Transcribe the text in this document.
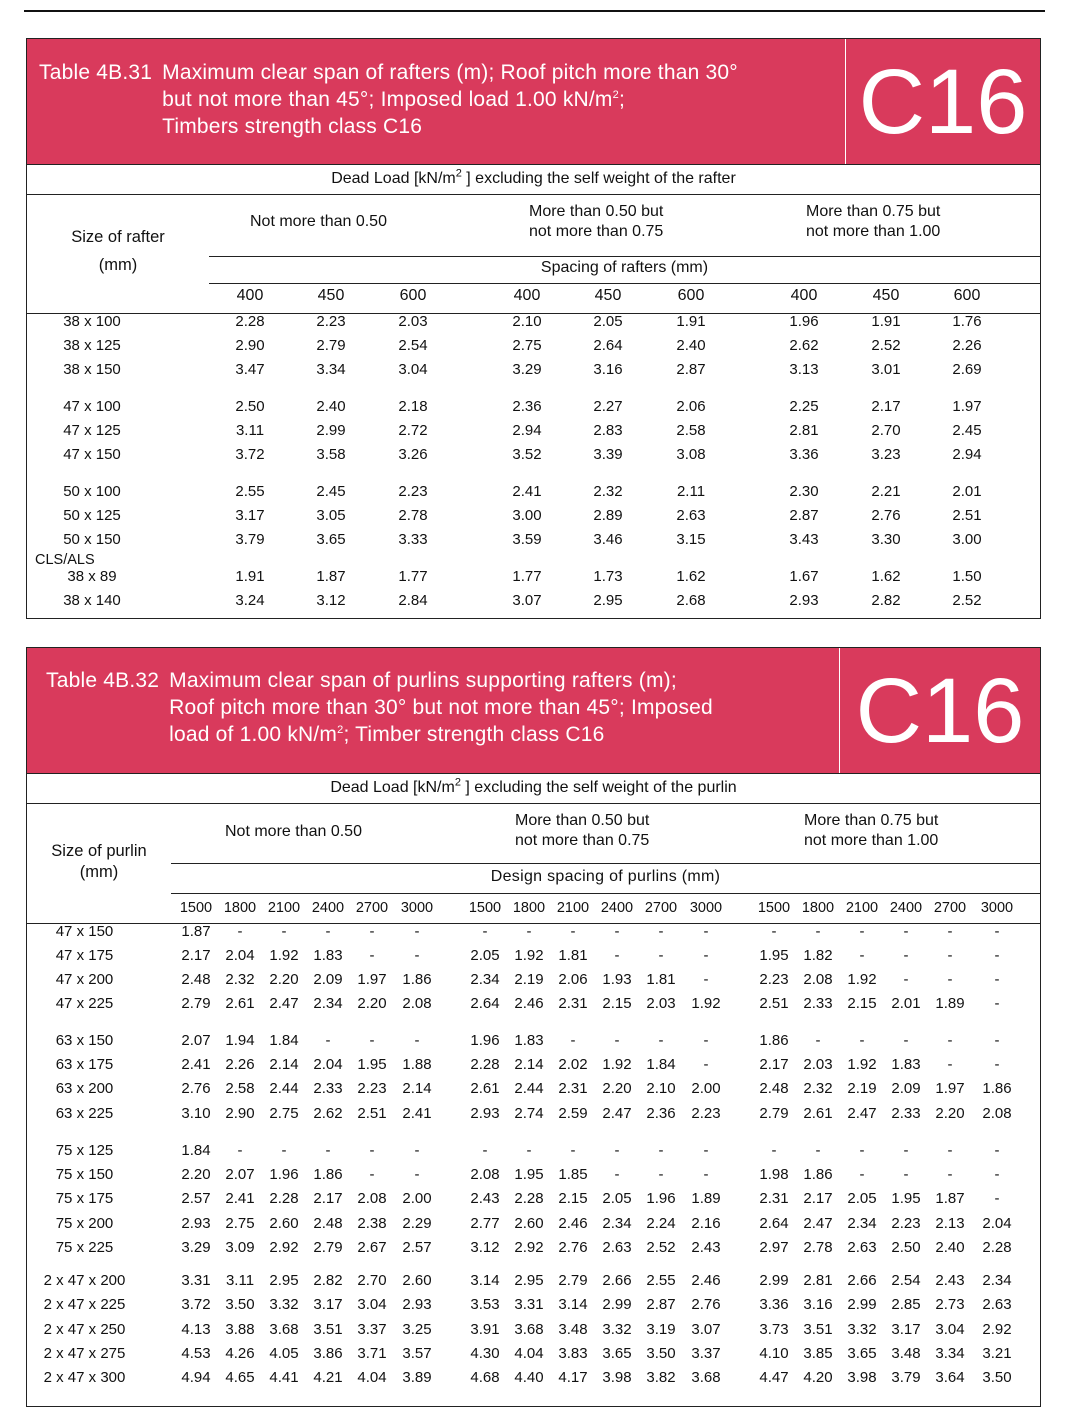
Table 4B.31 Maximum clear span of rafters (m); Roof pitch more than 30°
but not more than 45°; Imposed load 1.00 $kN/m^2$;
Timbers strength class C16	C16
Dead Load [$kN/m^2$ ] excluding the self weight of the rafter
Size of rafter
(mm)
Not more than 0.50
More than 0.50 but
not more than 0.75
More than 0.75 but
not more than 1.00
Spacing of rafters (mm)
400	450	600	400	450	600	400	450	600
38 x 100	2.28	2.23	2.03	2.10	2.05	1.91	1.96	1.91	1.76
38 x 125	2.90	2.79	2.54	2.75	2.64	2.40	2.62	2.52	2.26
38 x 150	3.47	3.34	3.04	3.29	3.16	2.87	3.13	3.01	2.69
47 x 100	2.50	2.40	2.18	2.36	2.27	2.06	2.25	2.17	1.97
47 x 125	3.11	2.99	2.72	2.94	2.83	2.58	2.81	2.70	2.45
47 x 150	3.72	3.58	3.26	3.52	3.39	3.08	3.36	3.23	2.94
50 x 100	2.55	2.45	2.23	2.41	2.32	2.11	2.30	2.21	2.01
50 x 125	3.17	3.05	2.78	3.00	2.89	2.63	2.87	2.76	2.51
50 x 150	3.79	3.65	3.33	3.59	3.46	3.15	3.43	3.30	3.00
38 x 89	1.91	1.87	1.77	1.77	1.73	1.62	1.67	1.62	1.50
38 x 140	3.24	3.12	2.84	3.07	2.95	2.68	2.93	2.82	2.52
CLS/ALS
Table 4B.32 Maximum clear span of purlins supporting rafters (m);
Roof pitch more than 30° but not more than 45°; Imposed
load of 1.00 $kN/m^2$; Timber strength class C16	C16
Dead Load [$kN/m^2$ ] excluding the self weight of the purlin
Size of purlin
(mm)
Not more than 0.50
More than 0.50 but
not more than 0.75
More than 0.75 but
not more than 1.00
Design spacing of purlins (mm)
1500 1800 2100 2400 2700 3000	1500 1800 2100 2400 2700 3000	1500 1800 2100 2400 2700	3000
47 x 150	1.87	-	-	-	-	-	-	-	-	-	-	-	-	-	-	-	-	-
47 x 175	2.17 2.04 1.92 1.83	-	-	2.05 1.92 1.81	-	-	-	1.95 1.82	-	-	-	-
47 x 200	2.48 2.32 2.20 2.09 1.97	1.86	2.34 2.19 2.06 1.93 1.81	-	2.23 2.08 1.92	-	-	-
47 x 225	2.79 2.61 2.47 2.34 2.20	2.08	2.64 2.46 2.31 2.15 2.03	1.92	2.51 2.33 2.15 2.01 1.89	-
63 x 150	2.07 1.94 1.84	-	-	-	1.96 1.83	-	-	-	-	1.86	-	-	-	-	-
63 x 175	2.41 2.26 2.14 2.04 1.95	1.88	2.28 2.14 2.02 1.92 1.84	-	2.17 2.03 1.92 1.83	-	-
63 x 200	2.76 2.58 2.44 2.33 2.23	2.14	2.61 2.44 2.31 2.20 2.10	2.00	2.48 2.32 2.19 2.09 1.97	1.86
63 x 225	3.10 2.90 2.75 2.62 2.51	2.41	2.93 2.74 2.59 2.47 2.36	2.23	2.79 2.61 2.47 2.33 2.20	2.08
75 x 125	1.84	-	-	-	-	-	-	-	-	-	-	-	-	-	-	-	-	-
75 x 150	2.20 2.07 1.96 1.86	-	-	2.08 1.95 1.85	-	-	-	1.98 1.86	-	-	-	-
75 x 175	2.57 2.41 2.28 2.17 2.08	2.00	2.43 2.28 2.15 2.05 1.96	1.89	2.31 2.17 2.05 1.95 1.87	-
75 x 200	2.93 2.75 2.60 2.48 2.38	2.29	2.77 2.60 2.46 2.34 2.24	2.16	2.64 2.47 2.34 2.23 2.13	2.04
75 x 225	3.29 3.09 2.92 2.79 2.67	2.57	3.12 2.92 2.76 2.63 2.52	2.43	2.97 2.78 2.63 2.50 2.40	2.28
2 x 47 x 200	3.31	3.11	2.95 2.82 2.70	2.60	3.14 2.95 2.79 2.66 2.55	2.46	2.99 2.81 2.66 2.54 2.43	2.34
2 x 47 x 225	3.72 3.50 3.32 3.17 3.04	2.93	3.53 3.31 3.14 2.99 2.87	2.76	3.36 3.16 2.99 2.85 2.73	2.63
2 x 47 x 250	4.13 3.88 3.68 3.51 3.37	3.25	3.91 3.68 3.48 3.32 3.19	3.07	3.73 3.51 3.32 3.17 3.04	2.92
2 x 47 x 275	4.53 4.26 4.05 3.86 3.71	3.57	4.30 4.04 3.83 3.65 3.50	3.37	4.10 3.85 3.65 3.48 3.34	3.21
2 x 47 x 300	4.94 4.65 4.41 4.21 4.04	3.89	4.68 4.40 4.17 3.98 3.82	3.68	4.47 4.20 3.98 3.79 3.64	3.50
